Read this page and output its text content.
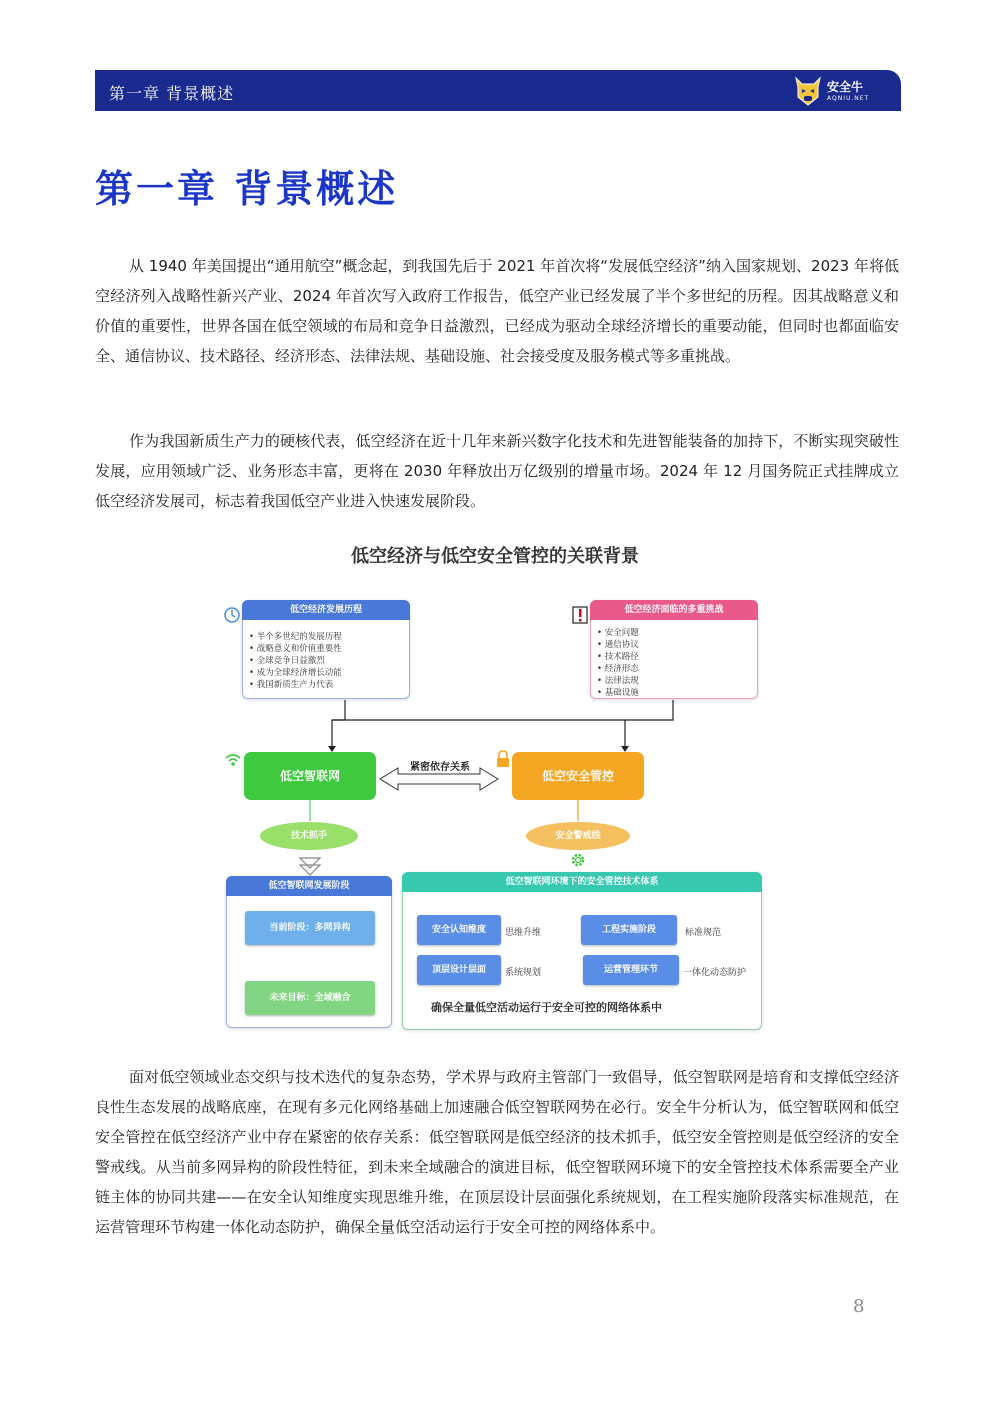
第一章 背景概述	安全牛
AQNIU.NET
第一章 背景概述

从 1940 年美国提出“通用航空”概念起，到我国先后于 2021 年首次将“发展低空经济”纳入国家规划、2023 年将低空经济列入战略性新兴产业、2024 年首次写入政府工作报告，低空产业已经发展了半个多世纪的历程。因其战略意义和价值的重要性，世界各国在低空领域的布局和竞争日益激烈，已经成为驱动全球经济增长的重要动能，但同时也都面临安全、通信协议、技术路径、经济形态、法律法规、基础设施、社会接受度及服务模式等多重挑战。

作为我国新质生产力的硬核代表，低空经济在近十几年来新兴数字化技术和先进智能装备的加持下，不断实现突破性发展，应用领域广泛、业务形态丰富，更将在 2030 年释放出万亿级别的增量市场。2024 年 12 月国务院正式挂牌成立低空经济发展司，标志着我国低空产业进入快速发展阶段。

低空经济与低空安全管控的关联背景
低空经济发展历程
• 半个多世纪的发展历程
• 战略意义和价值重要性
• 全球竞争日益激烈
• 成为全球经济增长动能
• 我国新质生产力代表
低空经济面临的多重挑战
• 安全问题
• 通信协议
• 技术路径
• 经济形态
• 法律法规
• 基础设施
低空智联网	低空安全管控
紧密依存关系
技术抓手	安全警戒线
低空智联网发展阶段
当前阶段：多网异构
未来目标：全域融合
低空智联网环境下的安全管控技术体系
安全认知维度	思维升维	工程实施阶段	标准规范
顶层设计层面	系统规划	运营管理环节	一体化动态防护
确保全量低空活动运行于安全可控的网络体系中

面对低空领域业态交织与技术迭代的复杂态势，学术界与政府主管部门一致倡导，低空智联网是培育和支撑低空经济良性生态发展的战略底座，在现有多元化网络基础上加速融合低空智联网势在必行。安全牛分析认为，低空智联网和低空安全管控在低空经济产业中存在紧密的依存关系：低空智联网是低空经济的技术抓手，低空安全管控则是低空经济的安全警戒线。从当前多网异构的阶段性特征，到未来全域融合的演进目标，低空智联网环境下的安全管控技术体系需要全产业链主体的协同共建——在安全认知维度实现思维升维，在顶层设计层面强化系统规划，在工程实施阶段落实标准规范，在运营管理环节构建一体化动态防护，确保全量低空活动运行于安全可控的网络体系中。

8
